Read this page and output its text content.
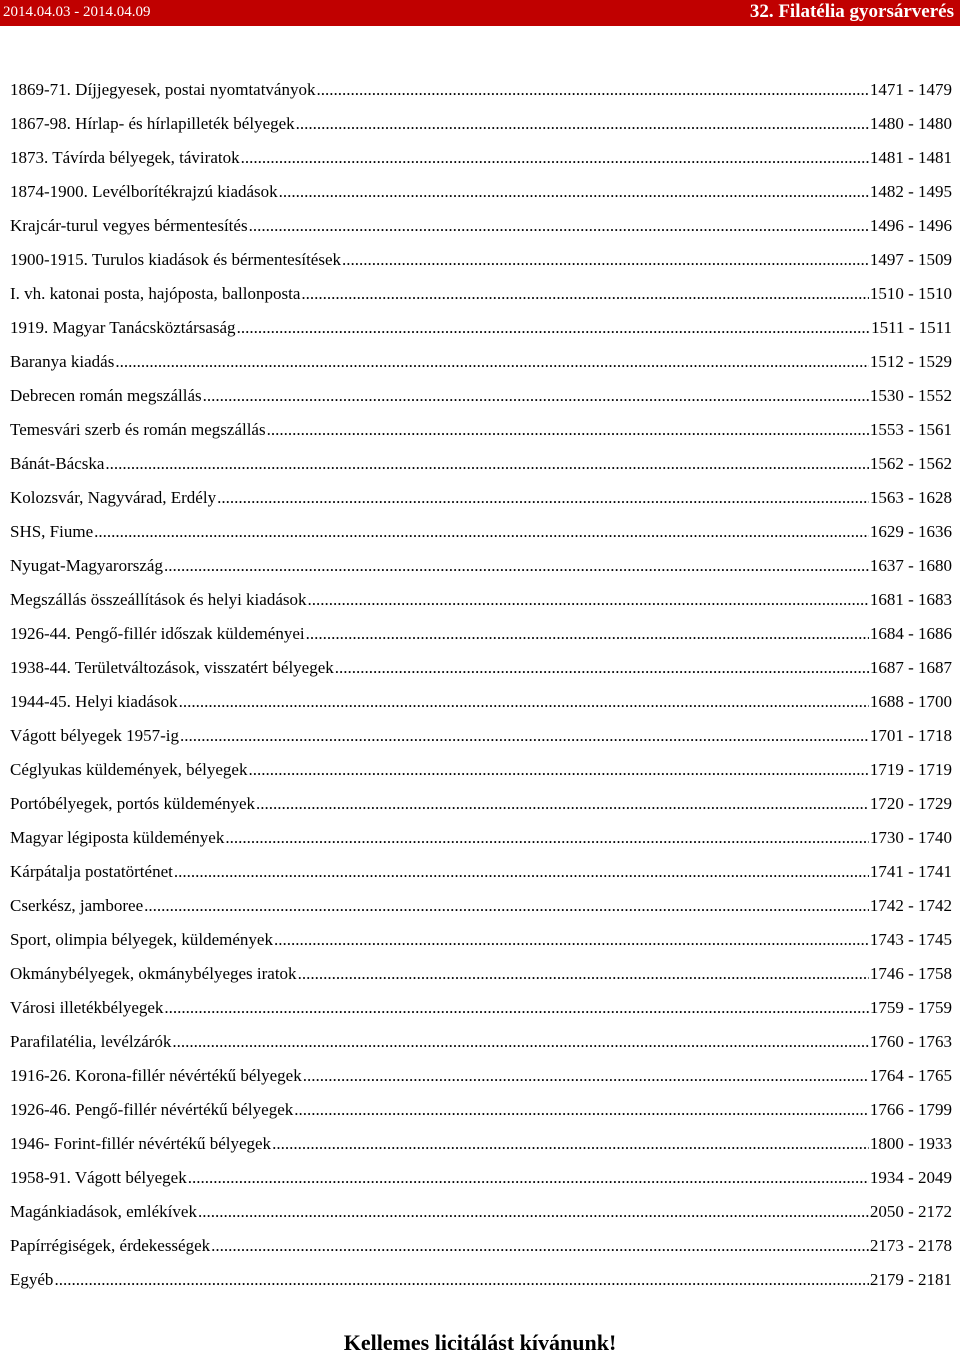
2014.04.03 - 2014.04.09	32. Filatélia gyorsárverés
1869-71. Díjjegyesek, postai nyomtatványok .....	1471 - 1479
1867-98. Hírlap- és hírlapilleték bélyegek .....	1480 - 1480
1873. Távírda bélyegek, táviratok .....	1481 - 1481
1874-1900. Levélborítékrajzú kiadások .....	1482 - 1495
Krajcár-turul vegyes bérmentesítés .....	1496 - 1496
1900-1915. Turulos kiadások és bérmentesítések .....	1497 - 1509
I. vh. katonai posta, hajóposta, ballonposta .....	1510 - 1510
1919. Magyar Tanácsköztársaság .....	1511 - 1511
Baranya kiadás .....	1512 - 1529
Debrecen román megszállás .....	1530 - 1552
Temesvári szerb és román megszállás .....	1553 - 1561
Bánát-Bácska .....	1562 - 1562
Kolozsvár, Nagyvárad, Erdély .....	1563 - 1628
SHS, Fiume .....	1629 - 1636
Nyugat-Magyarország .....	1637 - 1680
Megszállás összeállítások és helyi kiadások .....	1681 - 1683
1926-44. Pengő-fillér időszak küldeményei .....	1684 - 1686
1938-44. Területváltozások, visszatért bélyegek .....	1687 - 1687
1944-45. Helyi kiadások .....	1688 - 1700
Vágott bélyegek 1957-ig .....	1701 - 1718
Céglyukas küldemények, bélyegek .....	1719 - 1719
Portóbélyegek, portós küldemények .....	1720 - 1729
Magyar légiposta küldemények .....	1730 - 1740
Kárpátalja postatörténet .....	1741 - 1741
Cserkész, jamboree .....	1742 - 1742
Sport, olimpia bélyegek, küldemények .....	1743 - 1745
Okmánybélyegek, okmánybélyeges iratok .....	1746 - 1758
Városi illetékbélyegek .....	1759 - 1759
Parafilatélia, levélzárók .....	1760 - 1763
1916-26. Korona-fillér névértékű bélyegek .....	1764 - 1765
1926-46. Pengő-fillér névértékű bélyegek .....	1766 - 1799
1946- Forint-fillér névértékű bélyegek .....	1800 - 1933
1958-91. Vágott bélyegek .....	1934 - 2049
Magánkiadások, emlékívek .....	2050 - 2172
Papírrégiségek, érdekességek .....	2173 - 2178
Egyéb .....	2179 - 2181
Kellemes licitálást kívánunk!
